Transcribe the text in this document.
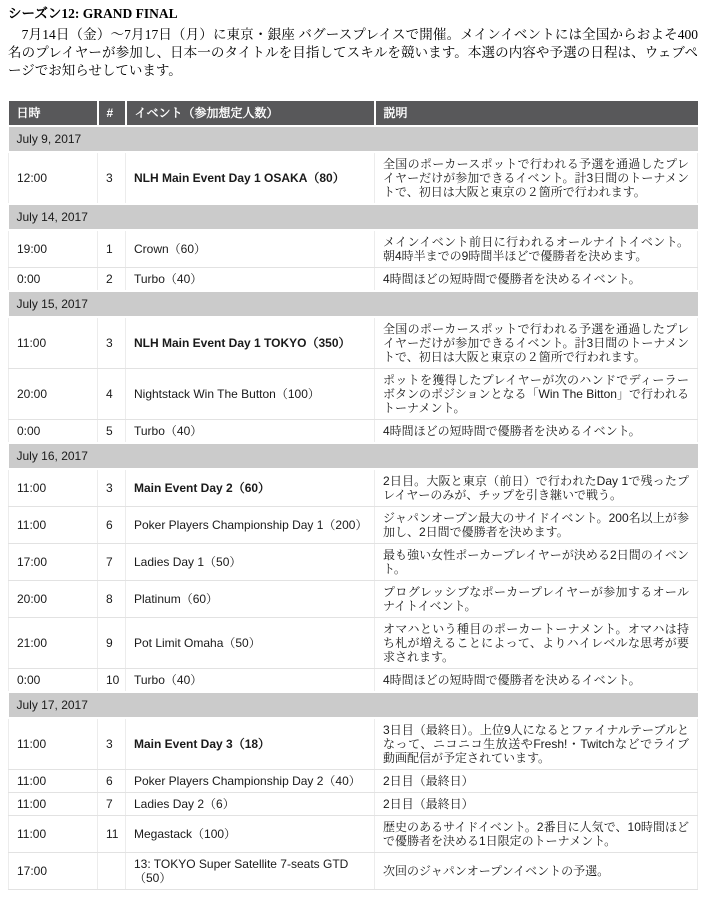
シーズン12: GRAND FINAL

　7月14日（金）〜7月17日（月）に東京・銀座 バグースプレイスで開催。メインイベントには全国からおよそ400名のプレイヤーが参加し、日本一のタイトルを目指してスキルを競います。本選の内容や予選の日程は、ウェブページでお知らせしています。

日時	#	イベント（参加想定人数）	説明
July 9, 2017			
12:00	3	NLH Main Event Day 1 OSAKA（80）	全国のポーカースポットで行われる予選を通過したプレイヤーだけが参加できるイベント。計3日間のトーナメントで、初日は大阪と東京の２箇所で行われます。
July 14, 2017			
19:00	1	Crown（60）	メインイベント前日に行われるオールナイトイベント。朝4時半までの9時間半ほどで優勝者を決めます。
0:00	2	Turbo（40）	4時間ほどの短時間で優勝者を決めるイベント。
July 15, 2017			
11:00	3	NLH Main Event Day 1 TOKYO（350）	全国のポーカースポットで行われる予選を通過したプレイヤーだけが参加できるイベント。計3日間のトーナメントで、初日は大阪と東京の２箇所で行われます。
20:00	4	Nightstack Win The Button（100）	ポットを獲得したプレイヤーが次のハンドでディーラーボタンのポジションとなる「Win The Bitton」で行われるトーナメント。
0:00	5	Turbo（40）	4時間ほどの短時間で優勝者を決めるイベント。
July 16, 2017			
11:00	3	Main Event Day 2（60）	2日目。大阪と東京（前日）で行われたDay 1で残ったプレイヤーのみが、チップを引き継いで戦う。
11:00	6	Poker Players Championship Day 1（200）	ジャパンオープン最大のサイドイベント。200名以上が参加し、2日間で優勝者を決めます。
17:00	7	Ladies Day 1（50）	最も強い女性ポーカープレイヤーが決める2日間のイベント。
20:00	8	Platinum（60）	プログレッシブなポーカープレイヤーが参加するオールナイトイベント。
21:00	9	Pot Limit Omaha（50）	オマハという種目のポーカートーナメント。オマハは持ち札が増えることによって、よりハイレベルな思考が要求されます。
0:00	10	Turbo（40）	4時間ほどの短時間で優勝者を決めるイベント。
July 17, 2017			
11:00	3	Main Event Day 3（18）	3日目（最終日）。上位9人になるとファイナルテーブルとなって、ニコニコ生放送やFresh!・Twitchなどでライブ動画配信が予定されています。
11:00	6	Poker Players Championship Day 2（40）	2日目（最終日）
11:00	7	Ladies Day 2（6）	2日目（最終日）
11:00	11	Megastack（100）	歴史のあるサイドイベント。2番目に人気で、10時間ほどで優勝者を決める1日限定のトーナメント。
17:00		13: TOKYO Super Satellite 7-seats GTD（50）	次回のジャパンオープンイベントの予選。
